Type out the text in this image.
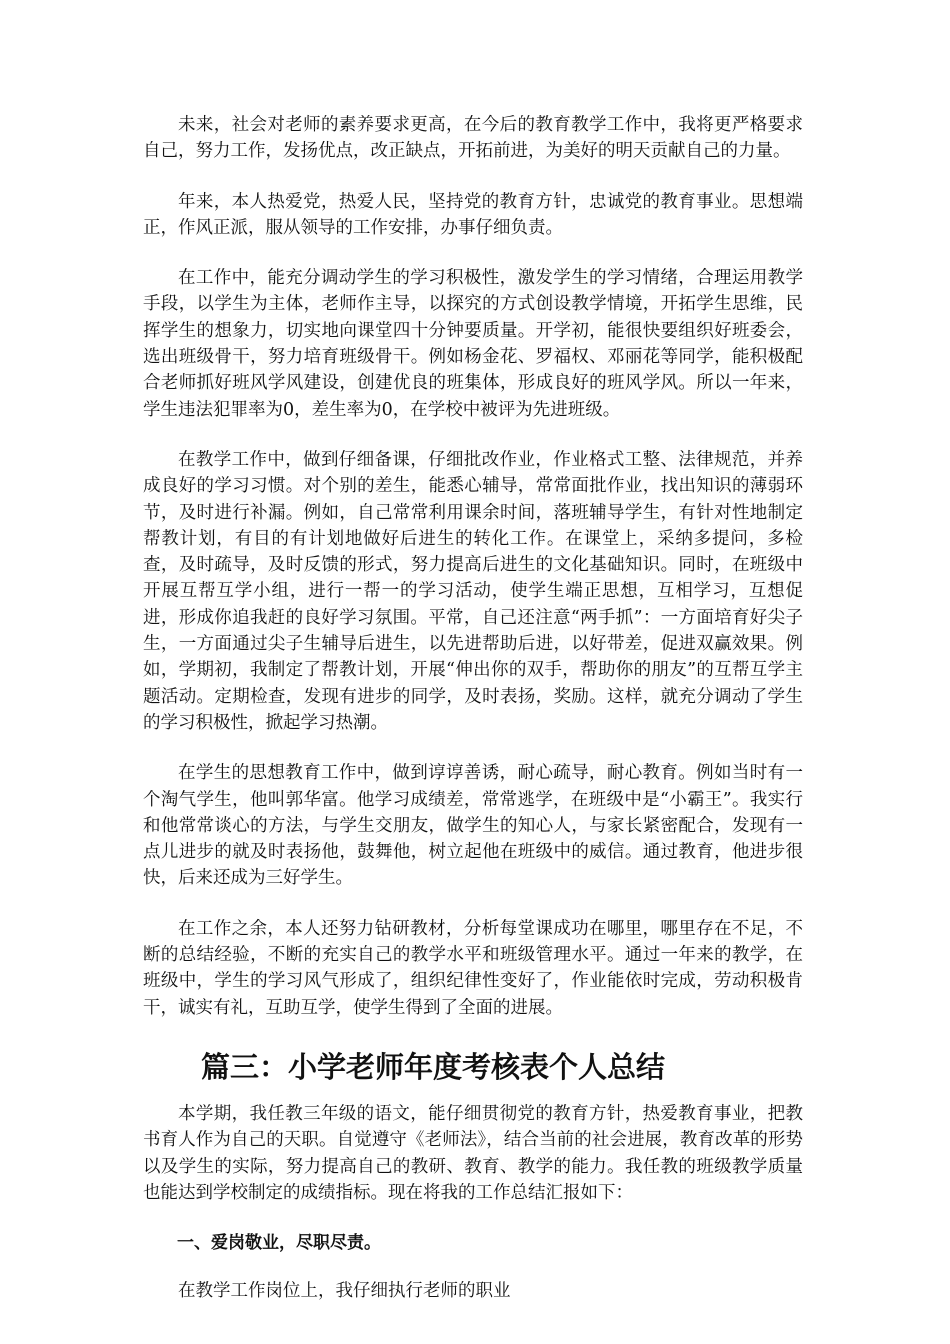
未来，社会对老师的素养要求更高，在今后的教育教学工作中，我将更严格要求自己，努力工作，发扬优点，改正缺点，开拓前进，为美好的明天贡献自己的力量。

年来，本人热爱党，热爱人民，坚持党的教育方针，忠诚党的教育事业。思想端正，作风正派，服从领导的工作安排，办事仔细负责。

在工作中，能充分调动学生的学习积极性，激发学生的学习情绪，合理运用教学手段，以学生为主体，老师作主导，以探究的方式创设教学情境，开拓学生思维，民挥学生的想象力，切实地向课堂四十分钟要质量。开学初，能很快要组织好班委会，选出班级骨干，努力培育班级骨干。例如杨金花、罗福权、邓丽花等同学，能积极配合老师抓好班风学风建设，创建优良的班集体，形成良好的班风学风。所以一年来，学生违法犯罪率为0，差生率为0，在学校中被评为先进班级。

在教学工作中，做到仔细备课，仔细批改作业，作业格式工整、法律规范，并养成良好的学习习惯。对个别的差生，能悉心辅导，常常面批作业，找出知识的薄弱环节，及时进行补漏。例如，自己常常利用课余时间，落班辅导学生，有针对性地制定帮教计划，有目的有计划地做好后进生的转化工作。在课堂上，采纳多提问，多检查，及时疏导，及时反馈的形式，努力提高后进生的文化基础知识。同时，在班级中开展互帮互学小组，进行一帮一的学习活动，使学生端正思想，互相学习，互想促进，形成你追我赶的良好学习氛围。平常，自己还注意“两手抓”：一方面培育好尖子生，一方面通过尖子生辅导后进生，以先进帮助后进，以好带差，促进双赢效果。例如，学期初，我制定了帮教计划，开展“伸出你的双手，帮助你的朋友”的互帮互学主题活动。定期检查，发现有进步的同学，及时表扬，奖励。这样，就充分调动了学生的学习积极性，掀起学习热潮。

在学生的思想教育工作中，做到谆谆善诱，耐心疏导，耐心教育。例如当时有一个淘气学生，他叫郭华富。他学习成绩差，常常逃学，在班级中是“小霸王”。我实行和他常常谈心的方法，与学生交朋友，做学生的知心人，与家长紧密配合，发现有一点儿进步的就及时表扬他，鼓舞他，树立起他在班级中的威信。通过教育，他进步很快，后来还成为三好学生。

在工作之余，本人还努力钻研教材，分析每堂课成功在哪里，哪里存在不足，不断的总结经验，不断的充实自己的教学水平和班级管理水平。通过一年来的教学，在班级中，学生的学习风气形成了，组织纪律性变好了，作业能依时完成，劳动积极肯干，诚实有礼，互助互学，使学生得到了全面的进展。

篇三：小学老师年度考核表个人总结

本学期，我任教三年级的语文，能仔细贯彻党的教育方针，热爱教育事业，把教书育人作为自己的天职。自觉遵守《老师法》，结合当前的社会进展，教育改革的形势以及学生的实际，努力提高自己的教研、教育、教学的能力。我任教的班级教学质量也能达到学校制定的成绩指标。现在将我的工作总结汇报如下：

一、爱岗敬业，尽职尽责。

在教学工作岗位上，我仔细执行老师的职业
